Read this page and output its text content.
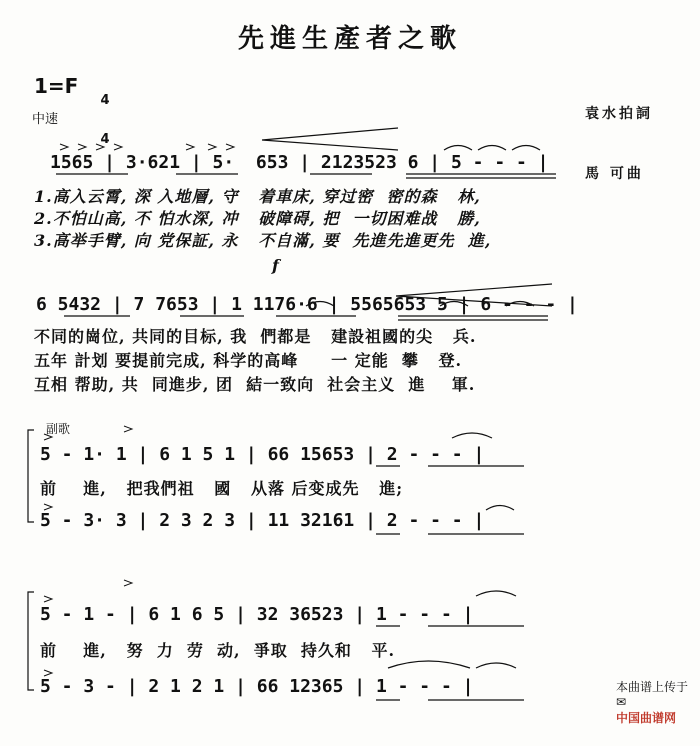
先進生產者之歌
1=F

4

4

中速

	袁水拍詞

馬 可曲

1565 | 3·621 | 5·  653 | 2123523 6 | 5 - - - |
1.高入云霄, 深 入地層, 守   着車床, 穿过密  密的森   林,
2.不怕山高, 不 怕水深, 冲   破障碍, 把  一切困难战   勝,
3.高举手臂, 向 党保証, 永   不自滿, 要  先進先進更先  進,
f
6 5432 | 7 7653 | 1 1176·6 | 5565653 5 | 6 - - - |
不同的崗位, 共同的目标, 我  們都是   建設祖國的尖   兵.
五年 計划 要提前完成, 科学的高峰     一 定能  攀   登.
互相 帮助, 共  同進步, 团  結一致向  社会主义  進    軍.
副歌
5 - 1· 1 | 6 1 5 1 | 66 15653 | 2 - - - |
前    進,   把我們祖   國   从落 后变成先   進;
5 - 3· 3 | 2 3 2 3 | 11 32161 | 2 - - - |
5 - 1 - | 6 1 6 5 | 32 36523 | 1 - - - |
前    進,   努  力  劳  动,  爭取  持久和   平.
5 - 3 - | 2 1 2 1 | 66 12365 | 1 - - - |	本曲谱上传于
✉
中国曲谱网
